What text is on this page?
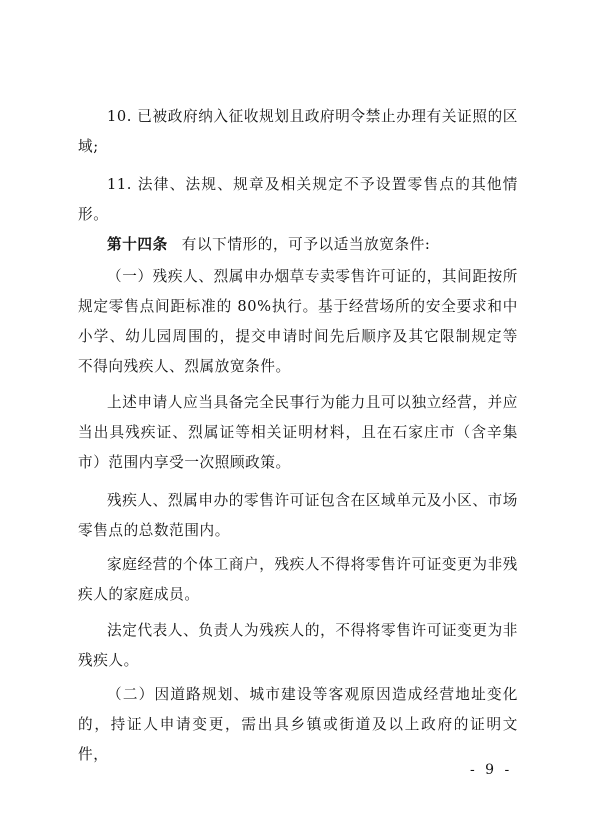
10. 已被政府纳入征收规划且政府明令禁止办理有关证照的区域;

11. 法律、法规、规章及相关规定不予设置零售点的其他情形。

第十四条 有以下情形的，可予以适当放宽条件:

（一）残疾人、烈属申办烟草专卖零售许可证的，其间距按所规定零售点间距标准的 80%执行。基于经营场所的安全要求和中小学、幼儿园周围的，提交申请时间先后顺序及其它限制规定等不得向残疾人、烈属放宽条件。

上述申请人应当具备完全民事行为能力且可以独立经营，并应当出具残疾证、烈属证等相关证明材料，且在石家庄市（含辛集市）范围内享受一次照顾政策。

残疾人、烈属申办的零售许可证包含在区域单元及小区、市场零售点的总数范围内。

家庭经营的个体工商户，残疾人不得将零售许可证变更为非残疾人的家庭成员。

法定代表人、负责人为残疾人的，不得将零售许可证变更为非残疾人。

（二）因道路规划、城市建设等客观原因造成经营地址变化的，持证人申请变更，需出具乡镇或街道及以上政府的证明文件，

- 9 -
